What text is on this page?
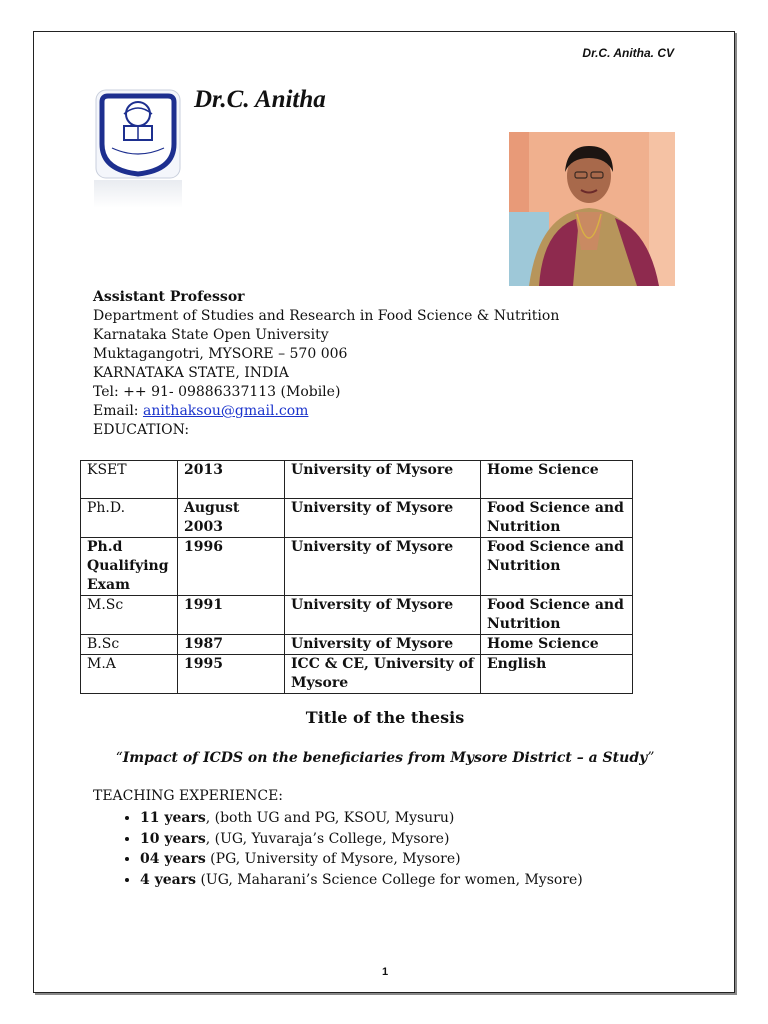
Dr.C. Anitha. CV
Dr.C. Anitha
Assistant Professor
Department of Studies and Research in Food Science & Nutrition
Karnataka State Open University
Muktagangotri, MYSORE – 570 006
KARNATAKA STATE, INDIA
Tel: ++ 91- 09886337113 (Mobile)
Email: anithaksou@gmail.com
EDUCATION:
KSET	2013	University of Mysore	Home Science
Ph.D.	August 2003	University of Mysore	Food Science and Nutrition
Ph.d Qualifying Exam	1996	University of Mysore	Food Science and Nutrition
M.Sc	1991	University of Mysore	Food Science and Nutrition
B.Sc	1987	University of Mysore	Home Science
M.A	1995	ICC & CE, University of Mysore	English
Title of the thesis
“Impact of ICDS on the beneficiaries from Mysore District – a Study”
TEACHING EXPERIENCE:
• 11 years, (both UG and PG, KSOU, Mysuru)
• 10 years, (UG, Yuvaraja’s College, Mysore)
• 04 years (PG, University of Mysore, Mysore)
• 4 years (UG, Maharani’s Science College for women, Mysore)
1
